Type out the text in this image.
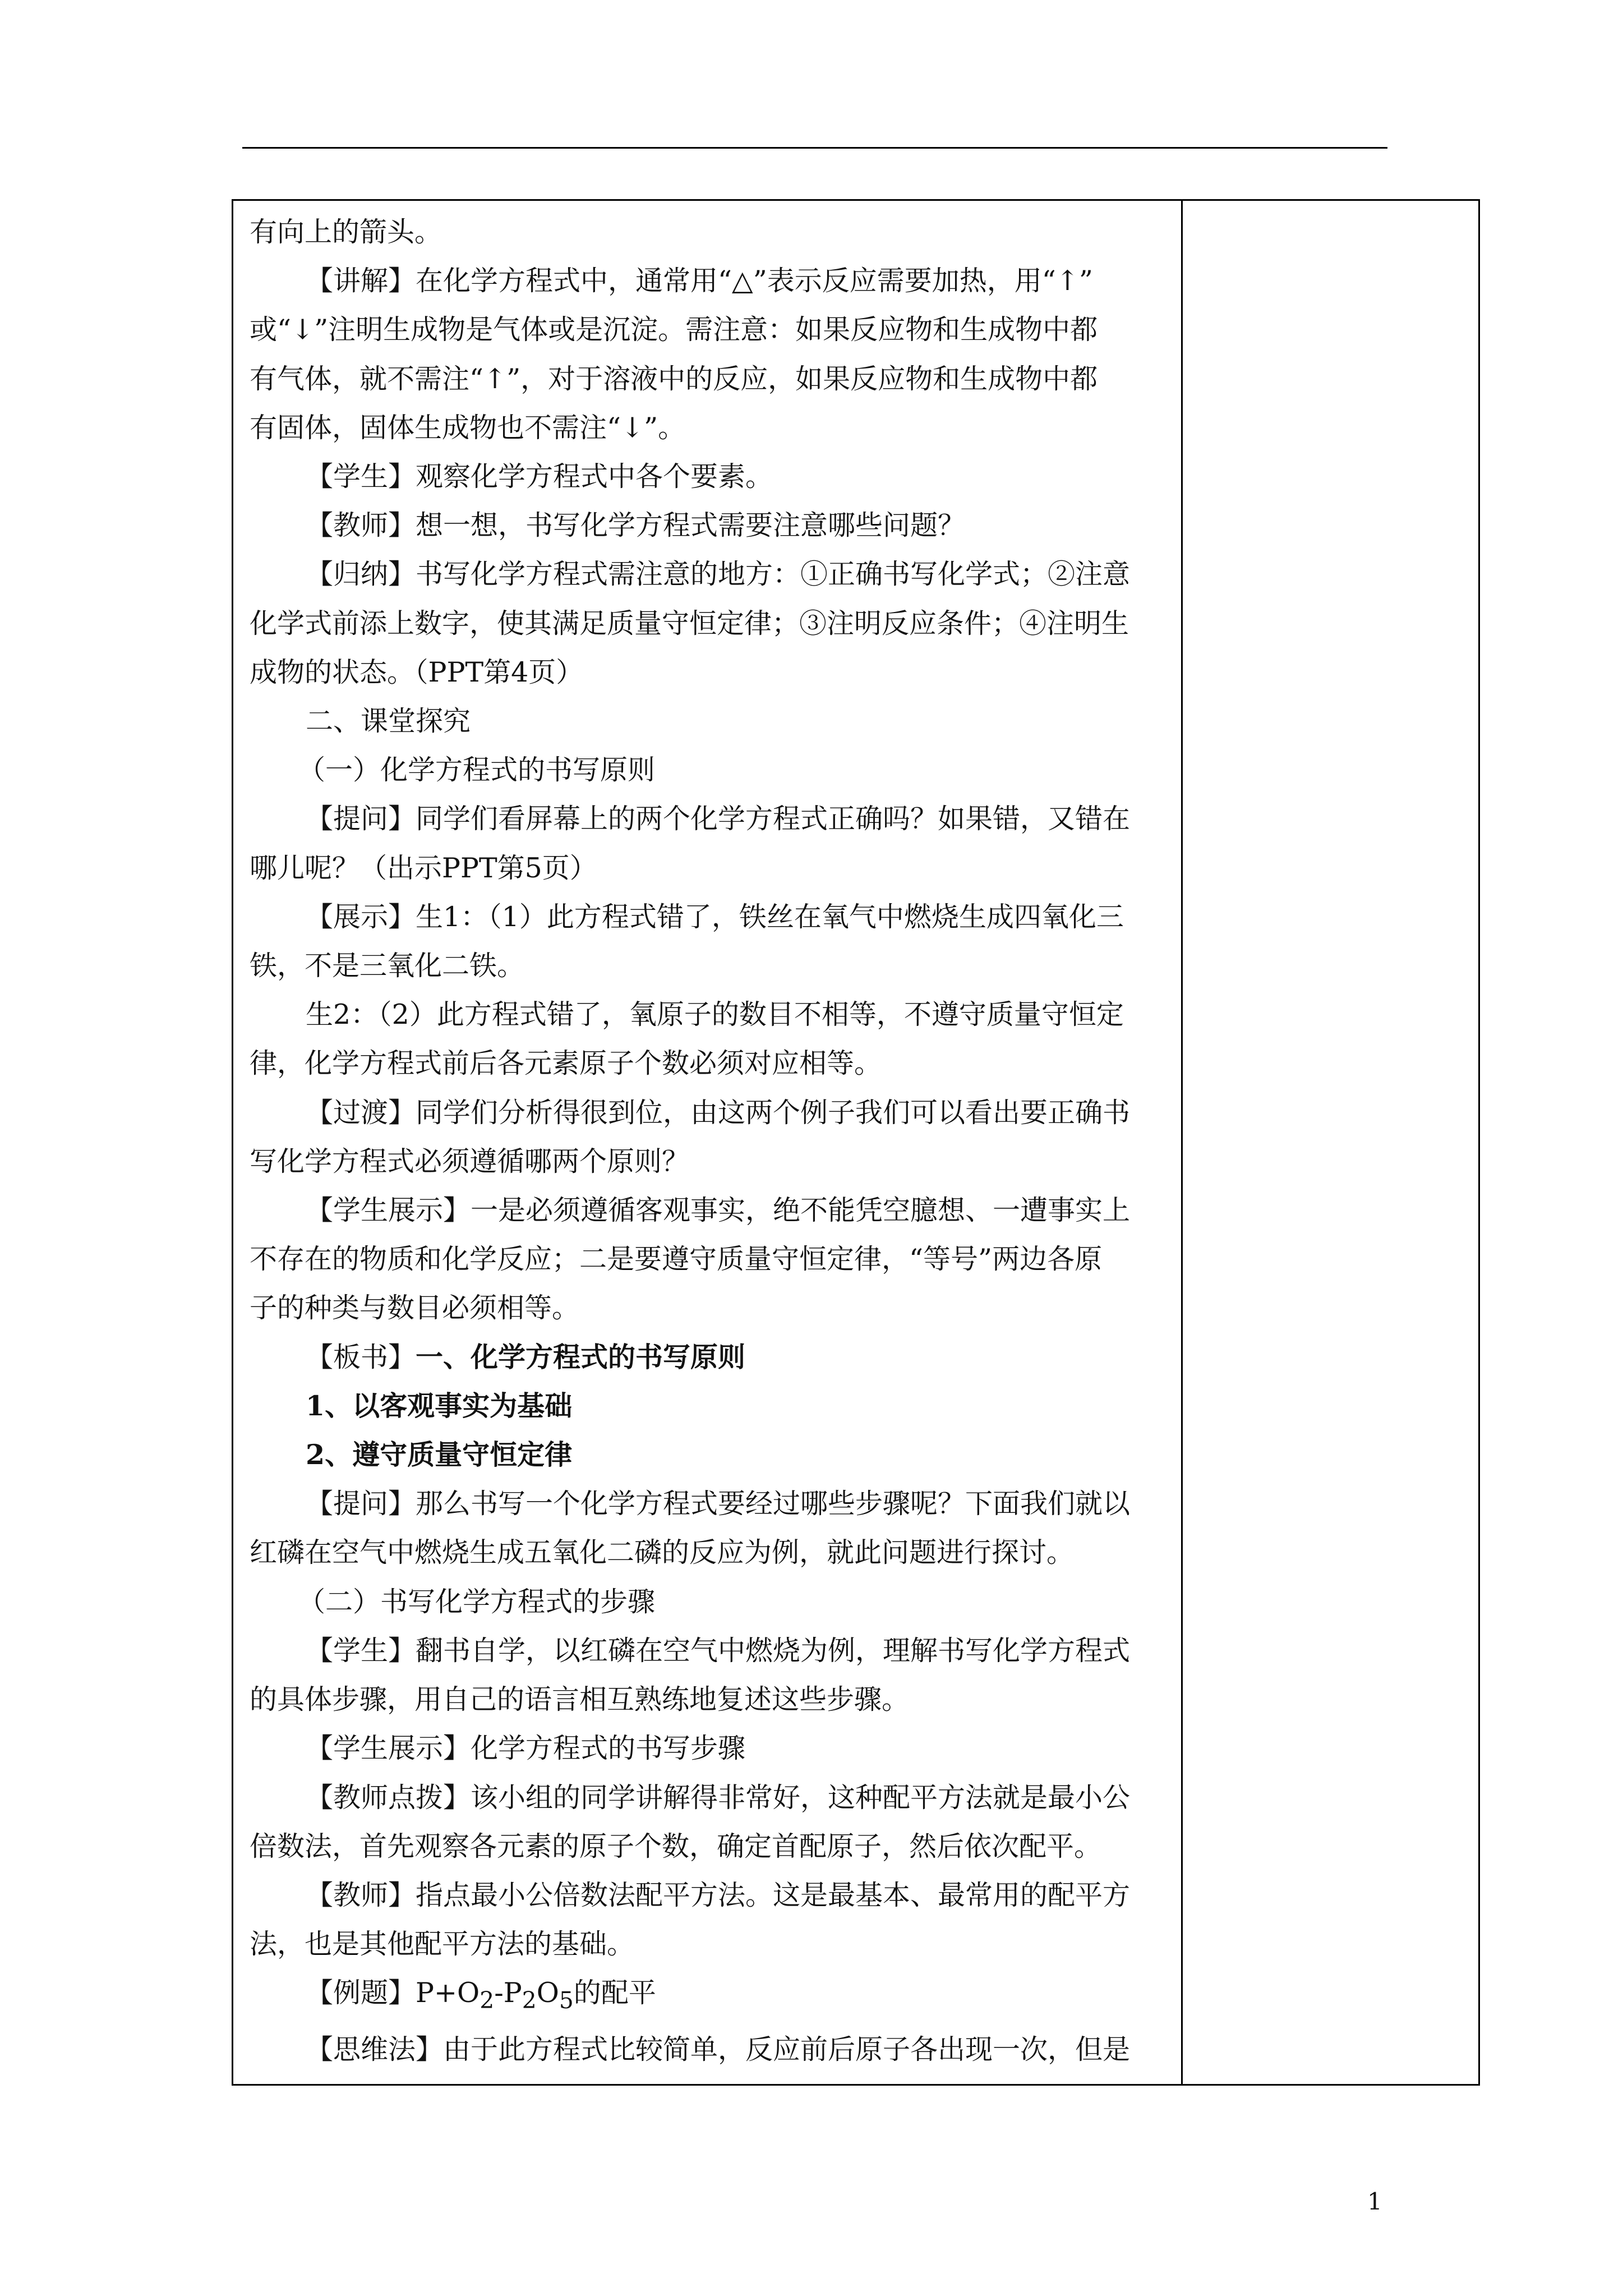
有向上的箭头。

【讲解】在化学方程式中，通常用“△”表示反应需要加热，用“↑”

或“↓”注明生成物是气体或是沉淀。需注意：如果反应物和生成物中都

有气体，就不需注“↑”，对于溶液中的反应，如果反应物和生成物中都

有固体，固体生成物也不需注“↓”。

【学生】观察化学方程式中各个要素。

【教师】想一想，书写化学方程式需要注意哪些问题？

【归纳】书写化学方程式需注意的地方：①正确书写化学式；②注意

化学式前添上数字，使其满足质量守恒定律；③注明反应条件；④注明生

成物的状态。（PPT第4页）

二、课堂探究

（一）化学方程式的书写原则

【提问】同学们看屏幕上的两个化学方程式正确吗？如果错，又错在

哪儿呢？（出示PPT第5页）

【展示】生1：（1）此方程式错了，铁丝在氧气中燃烧生成四氧化三

铁，不是三氧化二铁。

生2：（2）此方程式错了，氧原子的数目不相等，不遵守质量守恒定

律，化学方程式前后各元素原子个数必须对应相等。

【过渡】同学们分析得很到位，由这两个例子我们可以看出要正确书

写化学方程式必须遵循哪两个原则？

【学生展示】一是必须遵循客观事实，绝不能凭空臆想、一遭事实上

不存在的物质和化学反应；二是要遵守质量守恒定律，“等号”两边各原

子的种类与数目必须相等。

【板书】一、化学方程式的书写原则

1、以客观事实为基础

2、遵守质量守恒定律

【提问】那么书写一个化学方程式要经过哪些步骤呢？下面我们就以

红磷在空气中燃烧生成五氧化二磷的反应为例，就此问题进行探讨。

（二）书写化学方程式的步骤

【学生】翻书自学，以红磷在空气中燃烧为例，理解书写化学方程式

的具体步骤，用自己的语言相互熟练地复述这些步骤。

【学生展示】化学方程式的书写步骤

【教师点拨】该小组的同学讲解得非常好，这种配平方法就是最小公

倍数法，首先观察各元素的原子个数，确定首配原子，然后依次配平。

【教师】指点最小公倍数法配平方法。这是最基本、最常用的配平方

法，也是其他配平方法的基础。

【例题】$P+O_2-P_2O_5$的配平

【思维法】由于此方程式比较简单，反应前后原子各出现一次，但是

1
